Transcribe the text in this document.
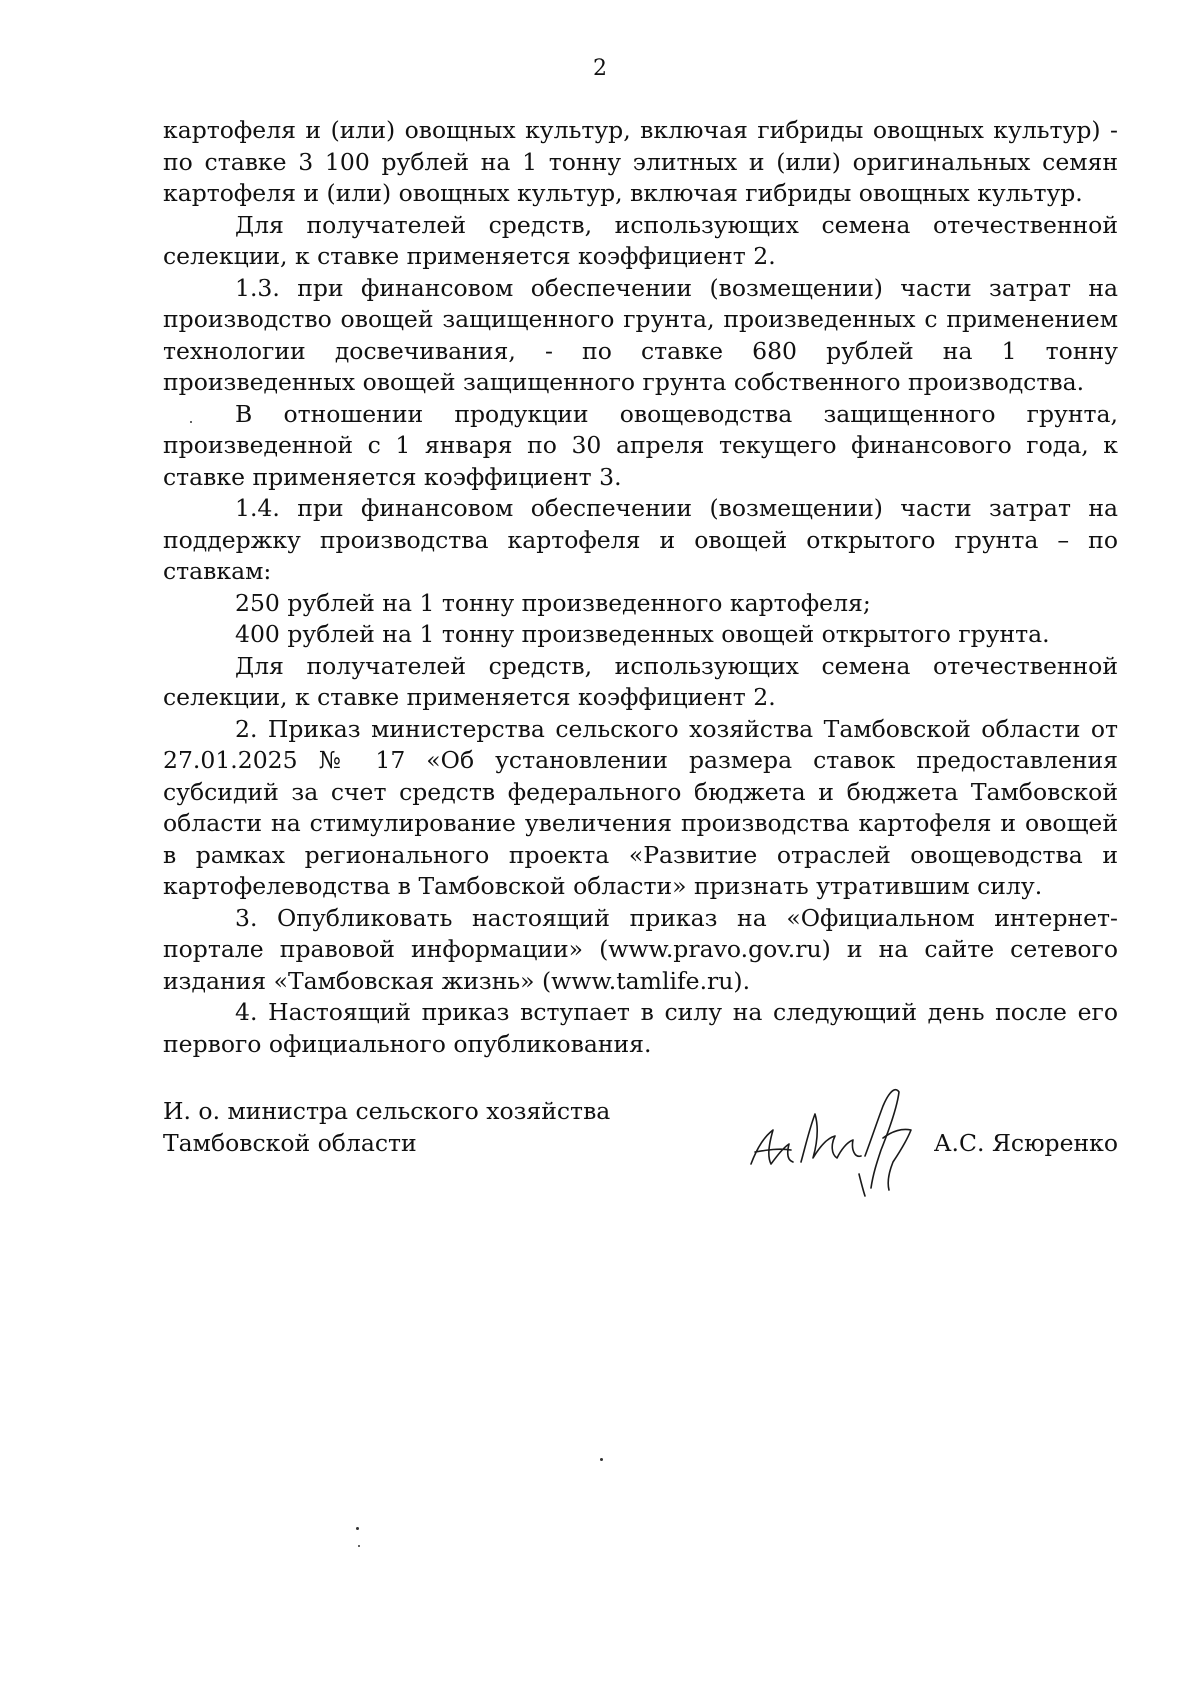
2

картофеля и (или) овощных культур, включая гибриды овощных культур) - по ставке 3 100 рублей на 1 тонну элитных и (или) оригинальных семян картофеля и (или) овощных культур, включая гибриды овощных культур.

Для получателей средств, использующих семена отечественной селекции, к ставке применяется коэффициент 2.

1.3. при финансовом обеспечении (возмещении) части затрат на производство овощей защищенного грунта, произведенных с применением технологии досвечивания, - по ставке 680 рублей на 1 тонну произведенных овощей защищенного грунта собственного производства.

В отношении продукции овощеводства защищенного грунта, произведенной с 1 января по 30 апреля текущего финансового года, к ставке применяется коэффициент 3.

1.4. при финансовом обеспечении (возмещении) части затрат на поддержку производства картофеля и овощей открытого грунта – по ставкам:

250 рублей на 1 тонну произведенного картофеля;

400 рублей на 1 тонну произведенных овощей открытого грунта.

Для получателей средств, использующих семена отечественной селекции, к ставке применяется коэффициент 2.

2. Приказ министерства сельского хозяйства Тамбовской области от 27.01.2025 № 17 «Об установлении размера ставок предоставления субсидий за счет средств федерального бюджета и бюджета Тамбовской области на стимулирование увеличения производства картофеля и овощей в рамках регионального проекта «Развитие отраслей овощеводства и картофелеводства в Тамбовской области» признать утратившим силу.

3. Опубликовать настоящий приказ на «Официальном интернет-портале правовой информации» (www.pravo.gov.ru) и на сайте сетевого издания «Тамбовская жизнь» (www.tamlife.ru).

4. Настоящий приказ вступает в силу на следующий день после его первого официального опубликования.

И. о. министра сельского хозяйства
Тамбовской области	А.С. Ясюренко
